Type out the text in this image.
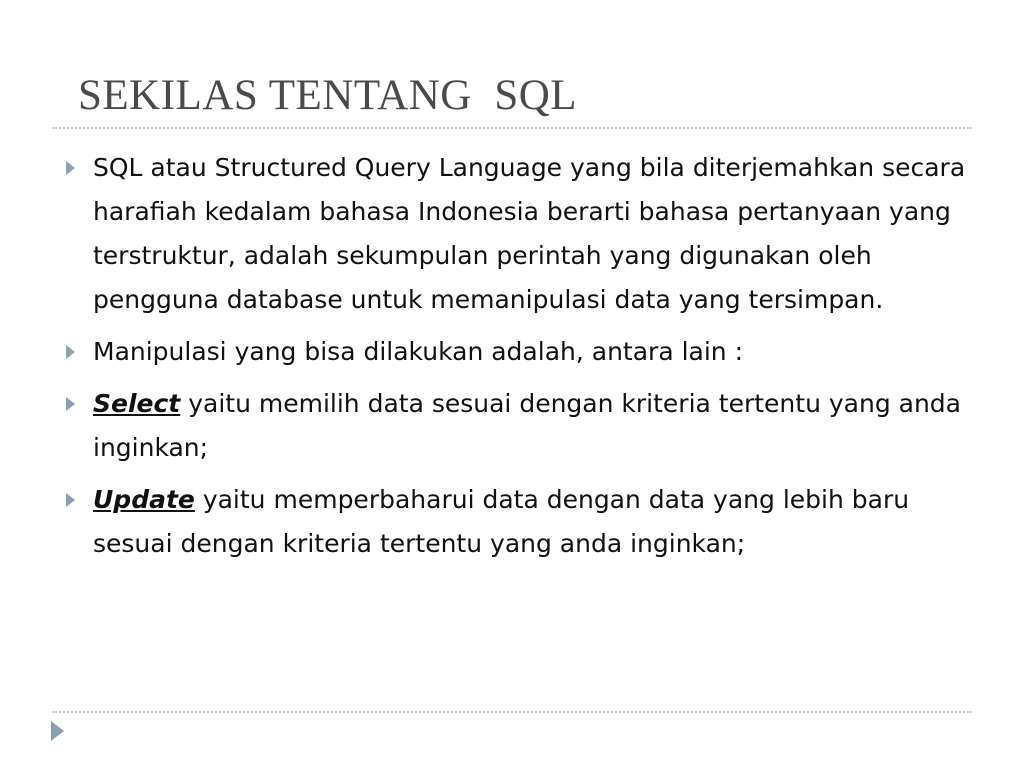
SEKILAS TENTANG  SQL
SQL atau Structured Query Language yang bila diterjemahkan secara harafiah kedalam bahasa Indonesia berarti bahasa pertanyaan yang terstruktur, adalah sekumpulan perintah yang digunakan oleh pengguna database untuk memanipulasi data yang tersimpan.
Manipulasi yang bisa dilakukan adalah, antara lain :
Select yaitu memilih data sesuai dengan kriteria tertentu yang anda inginkan;
Update yaitu memperbaharui data dengan data yang lebih baru sesuai dengan kriteria tertentu yang anda inginkan;
